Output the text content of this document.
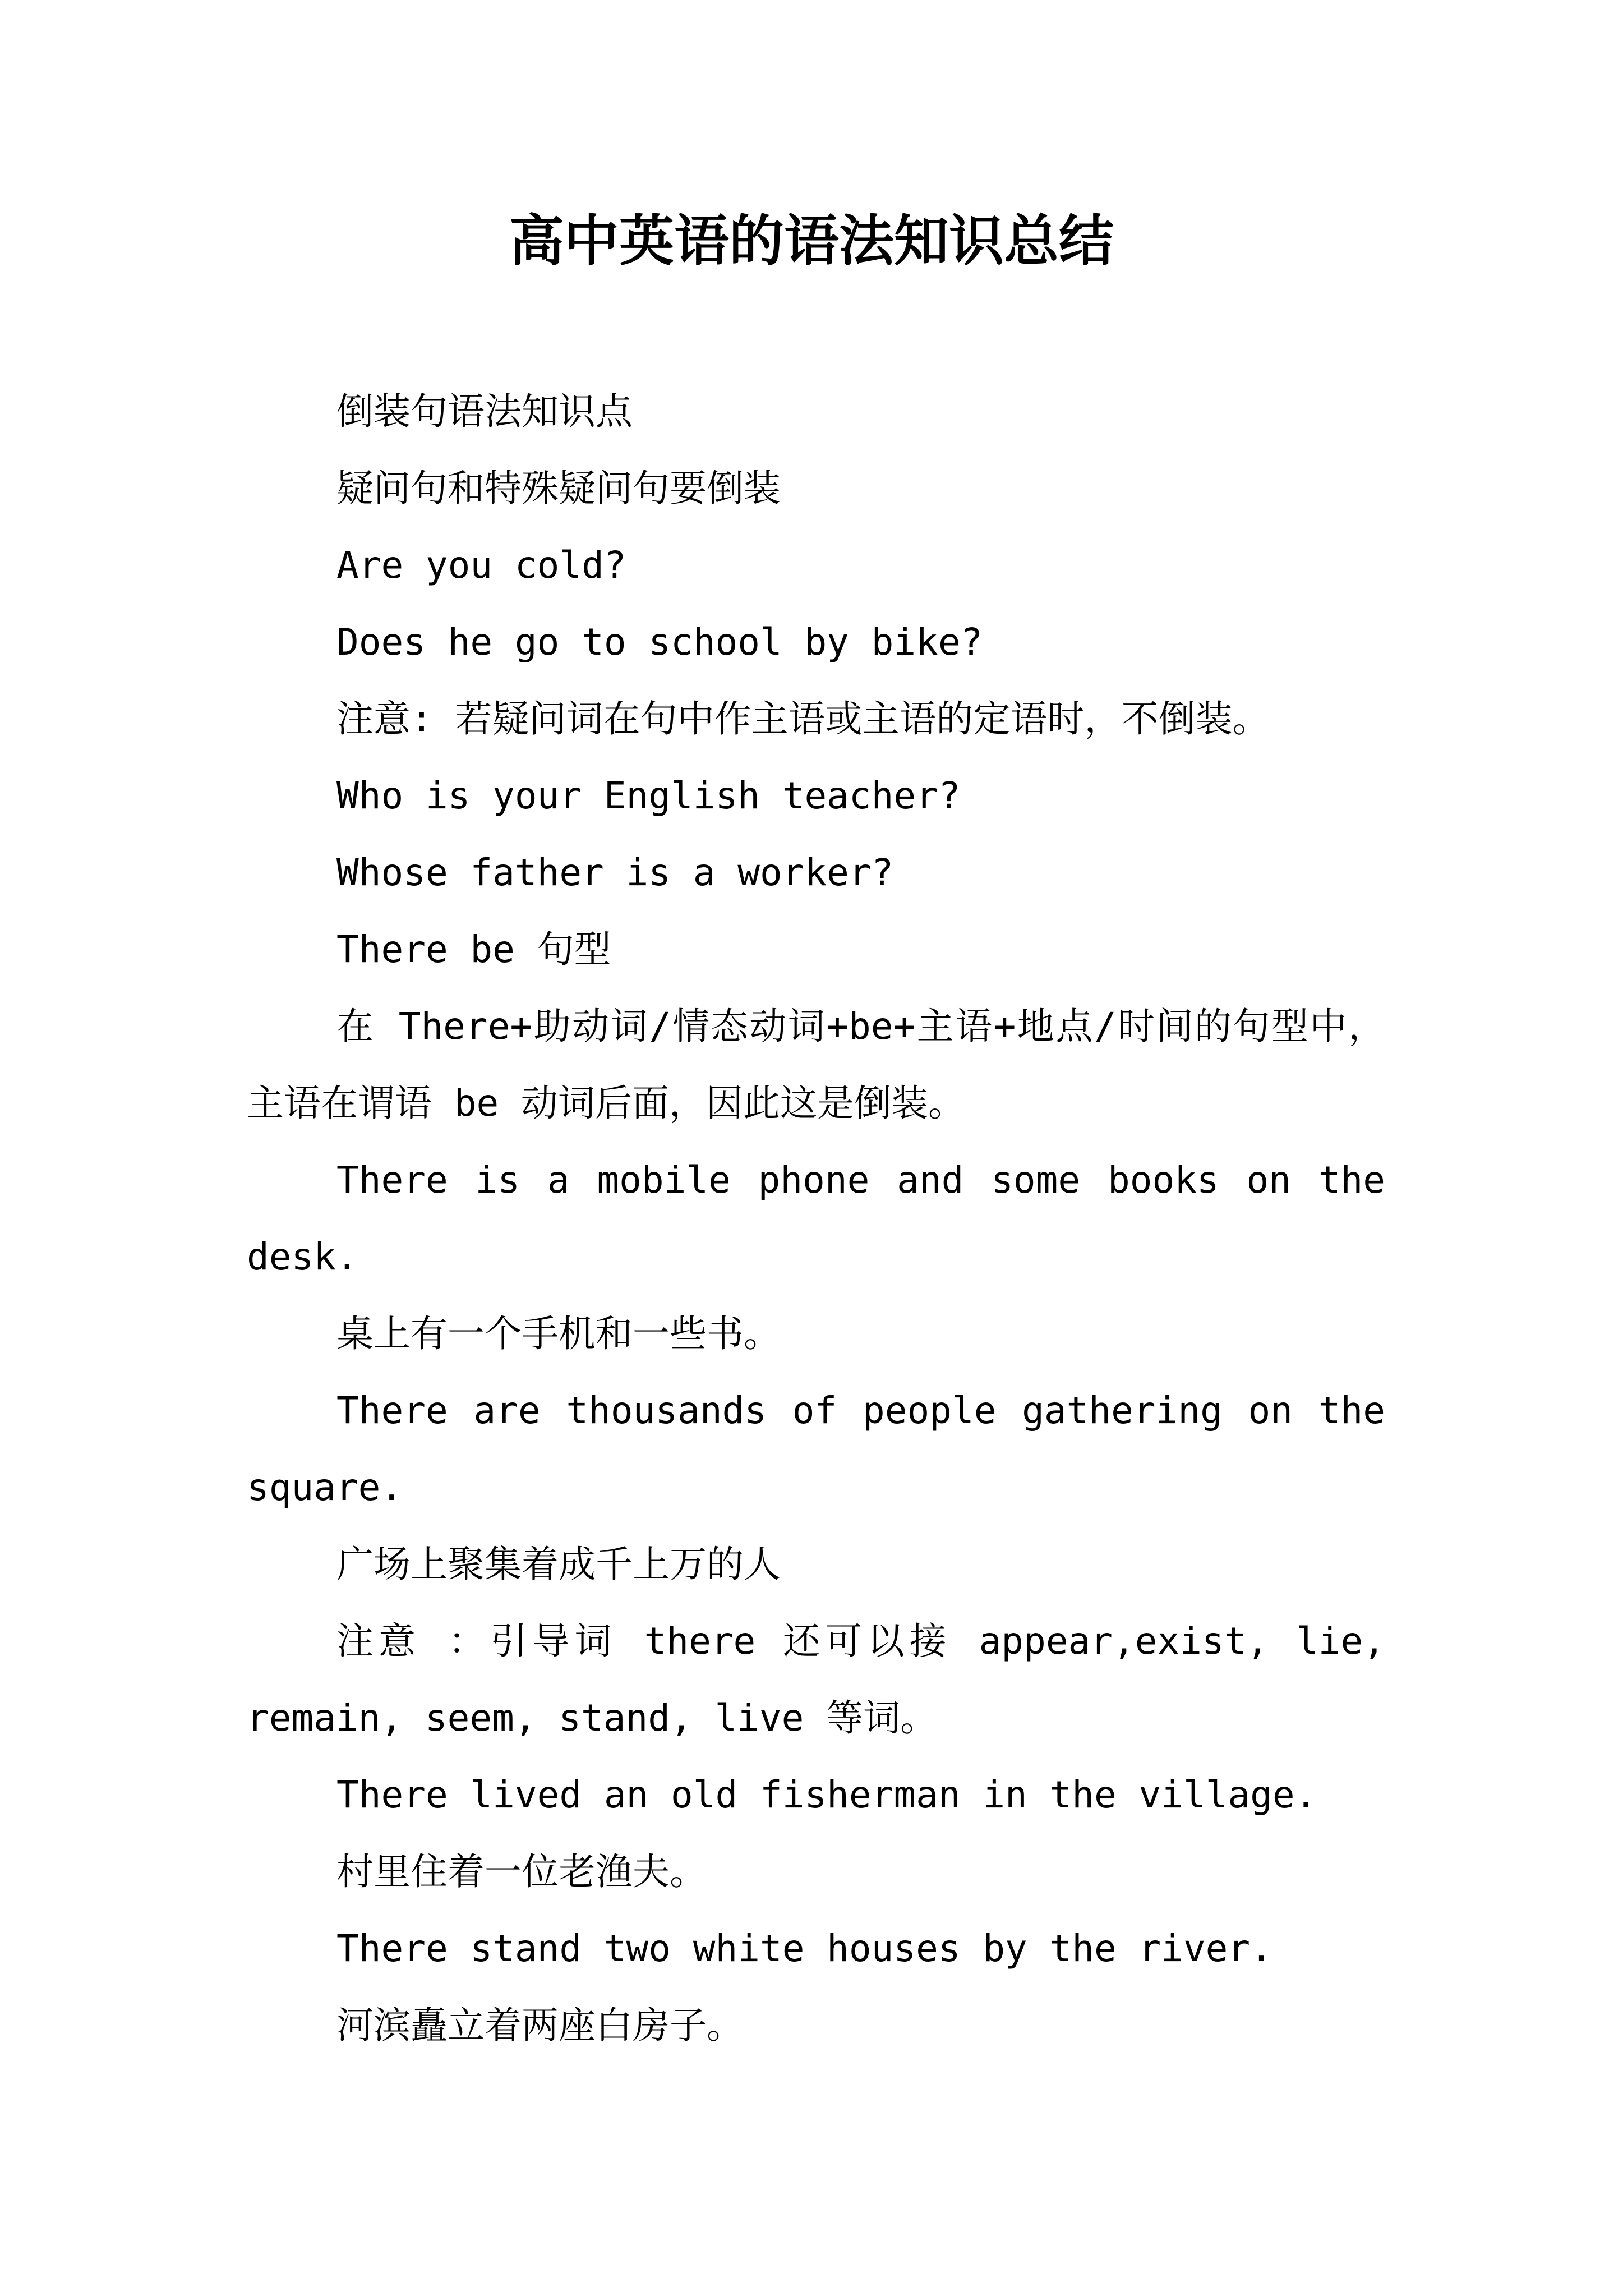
高中英语的语法知识总结

倒装句语法知识点

疑问句和特殊疑问句要倒装

Are you cold?

Does he go to school by bike?

注意: 若疑问词在句中作主语或主语的定语时，不倒装。

Who is your English teacher?

Whose father is a worker?

There be 句型

在 There+助动词/情态动词+be+主语+地点/时间的句型中，主语在谓语 be 动词后面，因此这是倒装。

There is a mobile phone and some books on the desk.

桌上有一个手机和一些书。

There are thousands of people gathering on the square.

广场上聚集着成千上万的人

注意 ：引导词 there 还可以接 appear,exist, lie, remain, seem, stand, live 等词。

There lived an old fisherman in the village.

村里住着一位老渔夫。

There stand two white houses by the river.

河滨矗立着两座白房子。
